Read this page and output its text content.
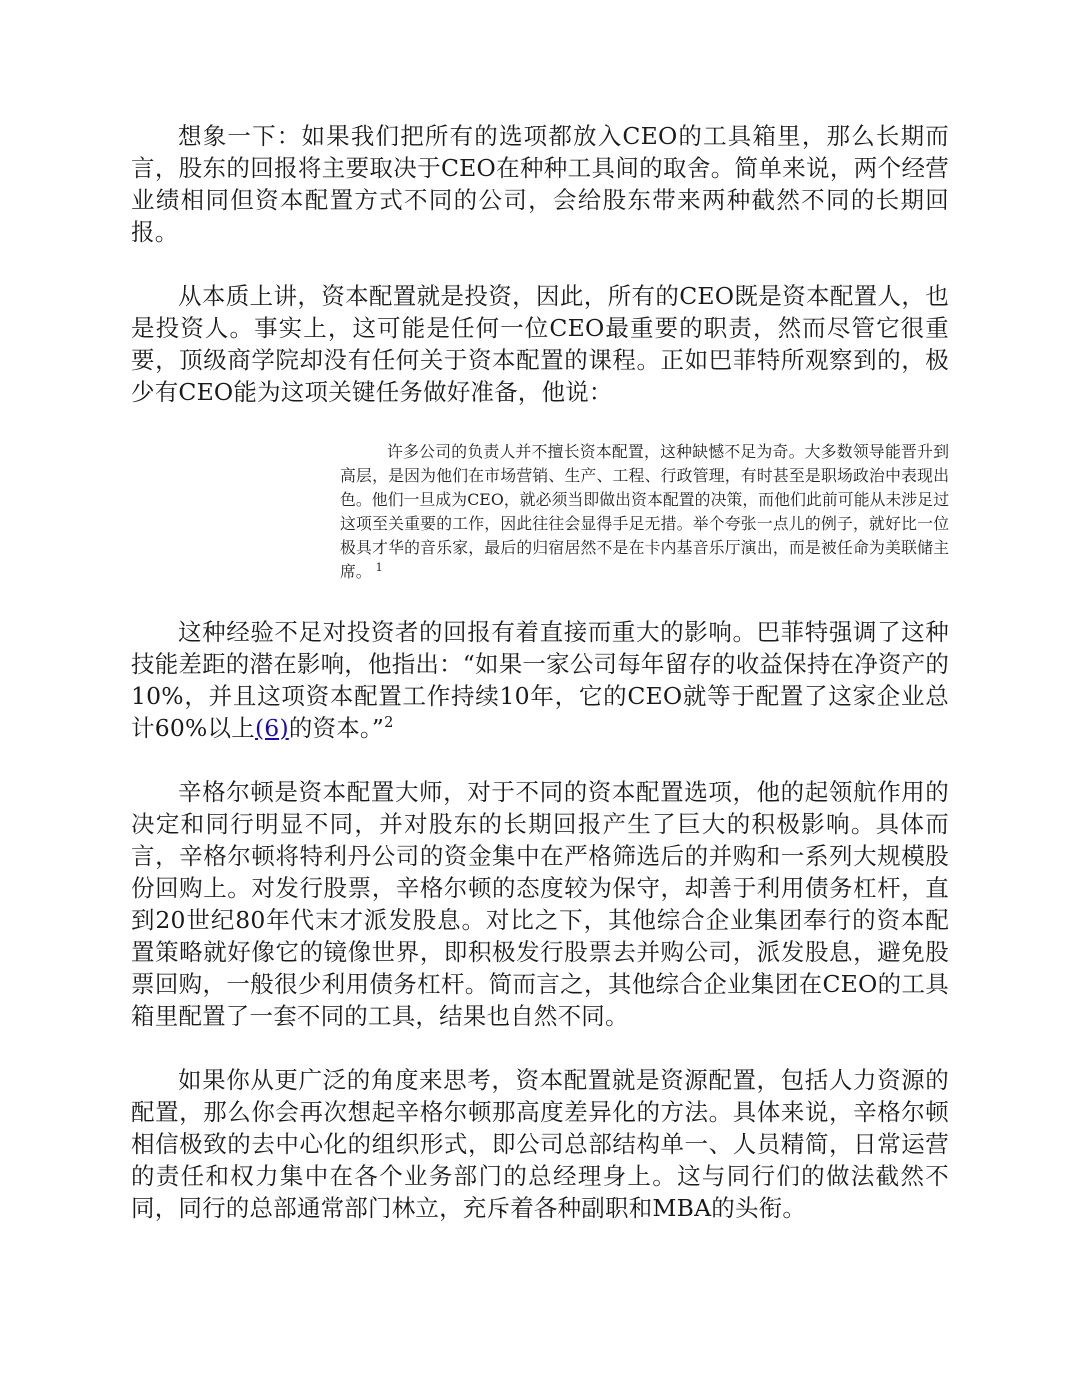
想象一下：如果我们把所有的选项都放入CEO的工具箱里，那么长期而言，股东的回报将主要取决于CEO在种种工具间的取舍。简单来说，两个经营业绩相同但资本配置方式不同的公司，会给股东带来两种截然不同的长期回报。

从本质上讲，资本配置就是投资，因此，所有的CEO既是资本配置人，也是投资人。事实上，这可能是任何一位CEO最重要的职责，然而尽管它很重要，顶级商学院却没有任何关于资本配置的课程。正如巴菲特所观察到的，极少有CEO能为这项关键任务做好准备，他说：

许多公司的负责人并不擅长资本配置，这种缺憾不足为奇。大多数领导能晋升到高层，是因为他们在市场营销、生产、工程、行政管理，有时甚至是职场政治中表现出色。他们一旦成为CEO，就必须当即做出资本配置的决策，而他们此前可能从未涉足过这项至关重要的工作，因此往往会显得手足无措。举个夸张一点儿的例子，就好比一位极具才华的音乐家，最后的归宿居然不是在卡内基音乐厅演出，而是被任命为美联储主席。 $^1$

这种经验不足对投资者的回报有着直接而重大的影响。巴菲特强调了这种技能差距的潜在影响，他指出：“如果一家公司每年留存的收益保持在净资产的10%，并且这项资本配置工作持续10年，它的CEO就等于配置了这家企业总计60%以上(6)的资本。”$^2$

辛格尔顿是资本配置大师，对于不同的资本配置选项，他的起领航作用的决定和同行明显不同，并对股东的长期回报产生了巨大的积极影响。具体而言，辛格尔顿将特利丹公司的资金集中在严格筛选后的并购和一系列大规模股份回购上。对发行股票，辛格尔顿的态度较为保守，却善于利用债务杠杆，直到20世纪80年代末才派发股息。对比之下，其他综合企业集团奉行的资本配置策略就好像它的镜像世界，即积极发行股票去并购公司，派发股息，避免股票回购，一般很少利用债务杠杆。简而言之，其他综合企业集团在CEO的工具箱里配置了一套不同的工具，结果也自然不同。

如果你从更广泛的角度来思考，资本配置就是资源配置，包括人力资源的配置，那么你会再次想起辛格尔顿那高度差异化的方法。具体来说，辛格尔顿相信极致的去中心化的组织形式，即公司总部结构单一、人员精简，日常运营的责任和权力集中在各个业务部门的总经理身上。这与同行们的做法截然不同，同行的总部通常部门林立，充斥着各种副职和MBA的头衔。
